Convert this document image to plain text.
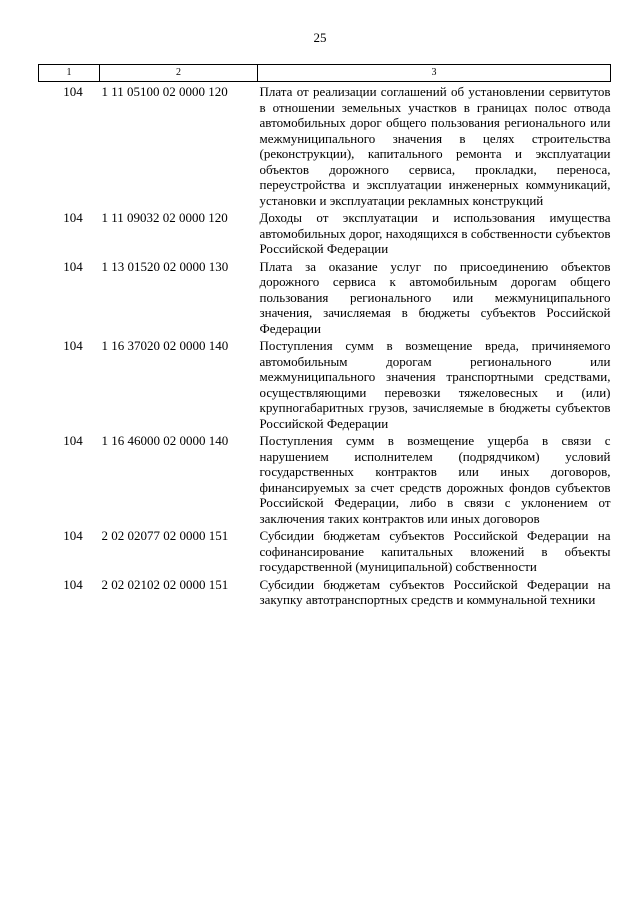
25
1	2	3
104	1 11 05100 02 0000 120	Плата от реализации соглашений об установлении сервитутов в отношении земельных участков в границах полос отвода автомобильных дорог общего пользования регионального или межмуниципального значения в целях строительства (реконструкции), капитального ремонта и эксплуатации объектов дорожного сервиса, прокладки, переноса, переустройства и эксплуатации инженерных коммуникаций, установки и эксплуатации рекламных конструкций
104	1 11 09032 02 0000 120	Доходы от эксплуатации и использования имущества автомобильных дорог, находящихся в собственности субъектов Российской Федерации
104	1 13 01520 02 0000 130	Плата за оказание услуг по присоединению объектов дорожного сервиса к автомобильным дорогам общего пользования регионального или межмуниципального значения, зачисляемая в бюджеты субъектов Российской Федерации
104	1 16 37020 02 0000 140	Поступления сумм в возмещение вреда, причиняемого автомобильным дорогам регионального или межмуниципального значения транспортными средствами, осуществляющими перевозки тяжеловесных и (или) крупногабаритных грузов, зачисляемые в бюджеты субъектов Российской Федерации
104	1 16 46000 02 0000 140	Поступления сумм в возмещение ущерба в связи с нарушением исполнителем (подрядчиком) условий государственных контрактов или иных договоров, финансируемых за счет средств дорожных фондов субъектов Российской Федерации, либо в связи с уклонением от заключения таких контрактов или иных договоров
104	2 02 02077 02 0000 151	Субсидии бюджетам субъектов Российской Федерации на софинансирование капитальных вложений в объекты государственной (муниципальной) собственности
104	2 02 02102 02 0000 151	Субсидии бюджетам субъектов Российской Федерации на закупку автотранспортных средств и коммунальной техники
